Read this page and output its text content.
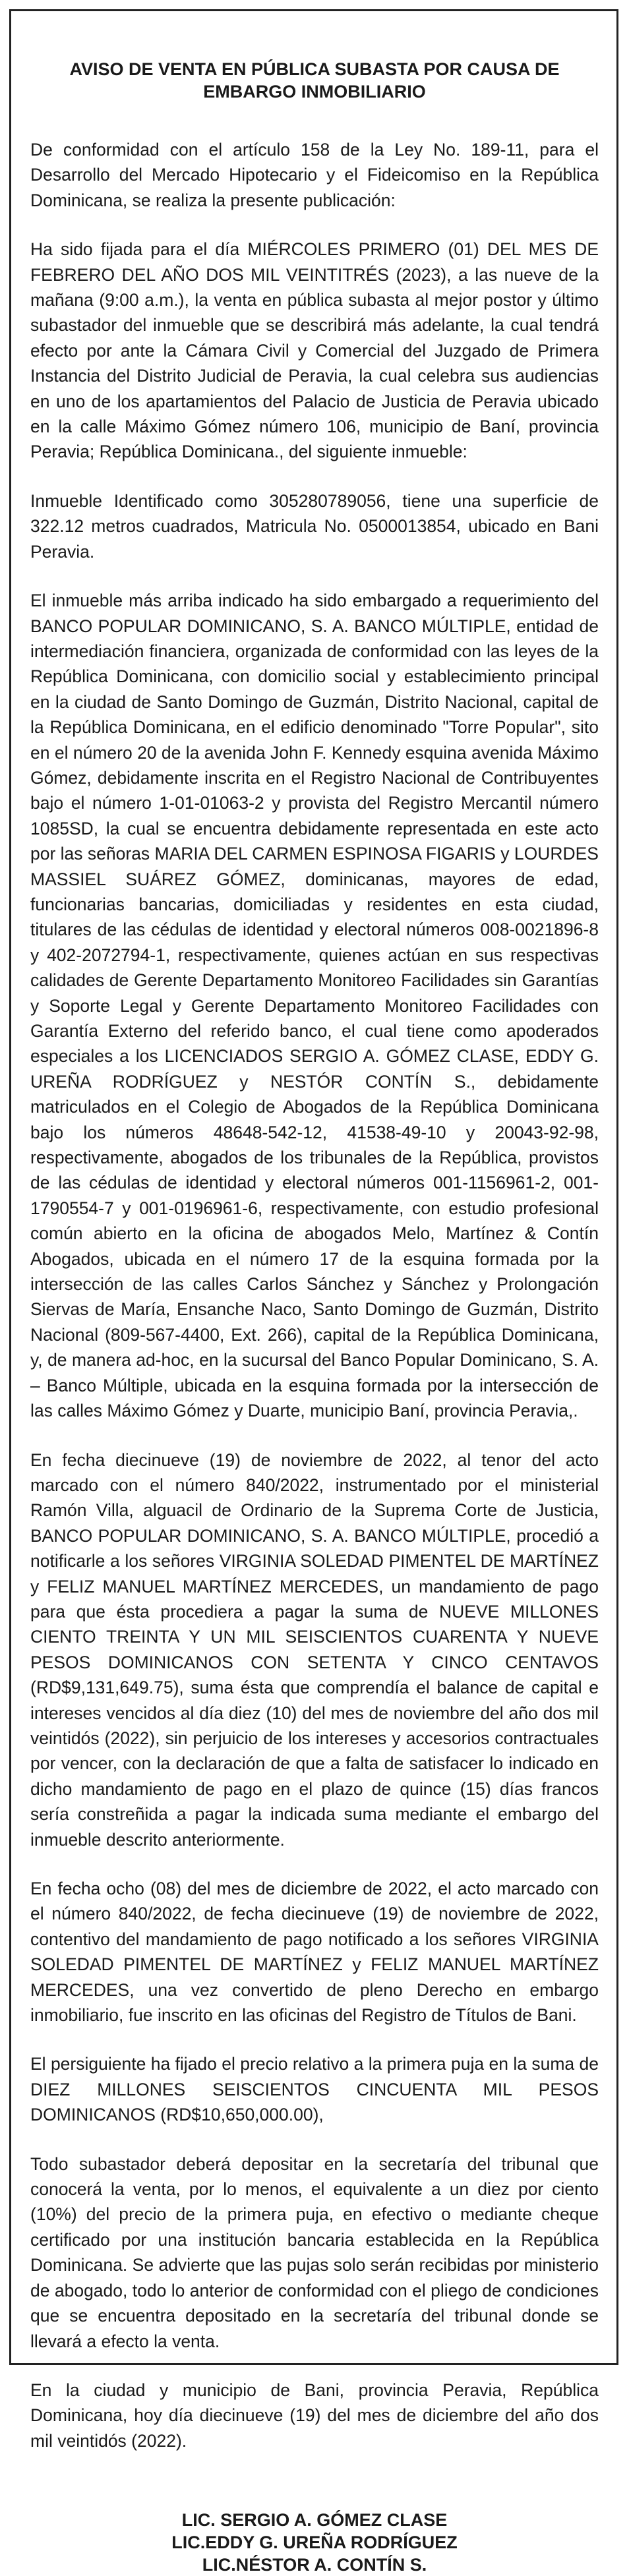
AVISO DE VENTA EN PÚBLICA SUBASTA POR CAUSA DE
EMBARGO INMOBILIARIO

De conformidad con el artículo 158 de la Ley No. 189-11, para el Desarrollo del Mercado Hipotecario y el Fideicomiso en la República Dominicana, se realiza la presente publicación:

Ha sido fijada para el día MIÉRCOLES PRIMERO (01) DEL MES DE FEBRERO DEL AÑO DOS MIL VEINTITRÉS (2023), a las nueve de la mañana (9:00 a.m.), la venta en pública subasta al mejor postor y último subastador del inmueble que se describirá más adelante, la cual tendrá efecto por ante la Cámara Civil y Comercial del Juzgado de Primera Instancia del Distrito Judicial de Peravia, la cual celebra sus audiencias en uno de los apartamientos del Palacio de Justicia de Peravia ubicado en la calle Máximo Gómez número 106, municipio de Baní, provincia Peravia; República Dominicana., del siguiente inmueble:

Inmueble Identificado como 305280789056, tiene una superficie de 322.12 metros cuadrados, Matricula No. 0500013854, ubicado en Bani Peravia.

El inmueble más arriba indicado ha sido embargado a requerimiento del BANCO POPULAR DOMINICANO, S. A. BANCO MÚLTIPLE, entidad de intermediación financiera, organizada de conformidad con las leyes de la República Dominicana, con domicilio social y establecimiento principal en la ciudad de Santo Domingo de Guzmán, Distrito Nacional, capital de la República Dominicana, en el edificio denominado "Torre Popular", sito en el número 20 de la avenida John F. Kennedy esquina avenida Máximo Gómez, debidamente inscrita en el Registro Nacional de Contribuyentes bajo el número 1-01-01063-2 y provista del Registro Mercantil número 1085SD, la cual se encuentra debidamente representada en este acto por las señoras MARIA DEL CARMEN ESPINOSA FIGARIS y LOURDES MASSIEL SUÁREZ GÓMEZ, dominicanas, mayores de edad, funcionarias bancarias, domiciliadas y residentes en esta ciudad, titulares de las cédulas de identidad y electoral números 008-0021896-8 y 402-2072794-1, respectivamente, quienes actúan en sus respectivas calidades de Gerente Departamento Monitoreo Facilidades sin Garantías y Soporte Legal y Gerente Departamento Monitoreo Facilidades con Garantía Externo del referido banco, el cual tiene como apoderados especiales a los LICENCIADOS SERGIO A. GÓMEZ CLASE, EDDY G. UREÑA RODRÍGUEZ y NESTÓR CONTÍN S., debidamente matriculados en el Colegio de Abogados de la República Dominicana bajo los números 48648-542-12, 41538-49-10 y 20043-92-98, respectivamente, abogados de los tribunales de la República, provistos de las cédulas de identidad y electoral números 001-1156961-2, 001-1790554-7 y 001-0196961-6, respectivamente, con estudio profesional común abierto en la oficina de abogados Melo, Martínez & Contín Abogados, ubicada en el número 17 de la esquina formada por la intersección de las calles Carlos Sánchez y Sánchez y Prolongación Siervas de María, Ensanche Naco, Santo Domingo de Guzmán, Distrito Nacional (809-567-4400, Ext. 266), capital de la República Dominicana, y, de manera ad-hoc, en la sucursal del Banco Popular Dominicano, S. A. – Banco Múltiple, ubicada en la esquina formada por la intersección de las calles Máximo Gómez y Duarte, municipio Baní, provincia Peravia,.

En fecha diecinueve (19) de noviembre de 2022, al tenor del acto marcado con el número 840/2022, instrumentado por el ministerial Ramón Villa, alguacil de Ordinario de la Suprema Corte de Justicia, BANCO POPULAR DOMINICANO, S. A. BANCO MÚLTIPLE, procedió a notificarle a los señores VIRGINIA SOLEDAD PIMENTEL DE MARTÍNEZ y FELIZ MANUEL MARTÍNEZ MERCEDES, un mandamiento de pago para que ésta procediera a pagar la suma de NUEVE MILLONES CIENTO TREINTA Y UN MIL SEISCIENTOS CUARENTA Y NUEVE PESOS DOMINICANOS CON SETENTA Y CINCO CENTAVOS (RD$9,131,649.75), suma ésta que comprendía el balance de capital e intereses vencidos al día diez (10) del mes de noviembre del año dos mil veintidós (2022), sin perjuicio de los intereses y accesorios contractuales por vencer, con la declaración de que a falta de satisfacer lo indicado en dicho mandamiento de pago en el plazo de quince (15) días francos sería constreñida a pagar la indicada suma mediante el embargo del inmueble descrito anteriormente.

En fecha ocho (08) del mes de diciembre de 2022, el acto marcado con el número 840/2022, de fecha diecinueve (19) de noviembre de 2022, contentivo del mandamiento de pago notificado a los señores VIRGINIA SOLEDAD PIMENTEL DE MARTÍNEZ y FELIZ MANUEL MARTÍNEZ MERCEDES, una vez convertido de pleno Derecho en embargo inmobiliario, fue inscrito en las oficinas del Registro de Títulos de Bani.

El persiguiente ha fijado el precio relativo a la primera puja en la suma de DIEZ MILLONES SEISCIENTOS CINCUENTA MIL PESOS DOMINICANOS (RD$10,650,000.00),

Todo subastador deberá depositar en la secretaría del tribunal que conocerá la venta, por lo menos, el equivalente a un diez por ciento (10%) del precio de la primera puja, en efectivo o mediante cheque certificado por una institución bancaria establecida en la República Dominicana. Se advierte que las pujas solo serán recibidas por ministerio de abogado, todo lo anterior de conformidad con el pliego de condiciones que se encuentra depositado en la secretaría del tribunal donde se llevará a efecto la venta.

En la ciudad y municipio de Bani, provincia Peravia, República Dominicana, hoy día diecinueve (19) del mes de diciembre del año dos mil veintidós (2022).

LIC. SERGIO A. GÓMEZ CLASE
LIC.EDDY G. UREÑA RODRÍGUEZ
LIC.NÉSTOR A. CONTÍN S.
